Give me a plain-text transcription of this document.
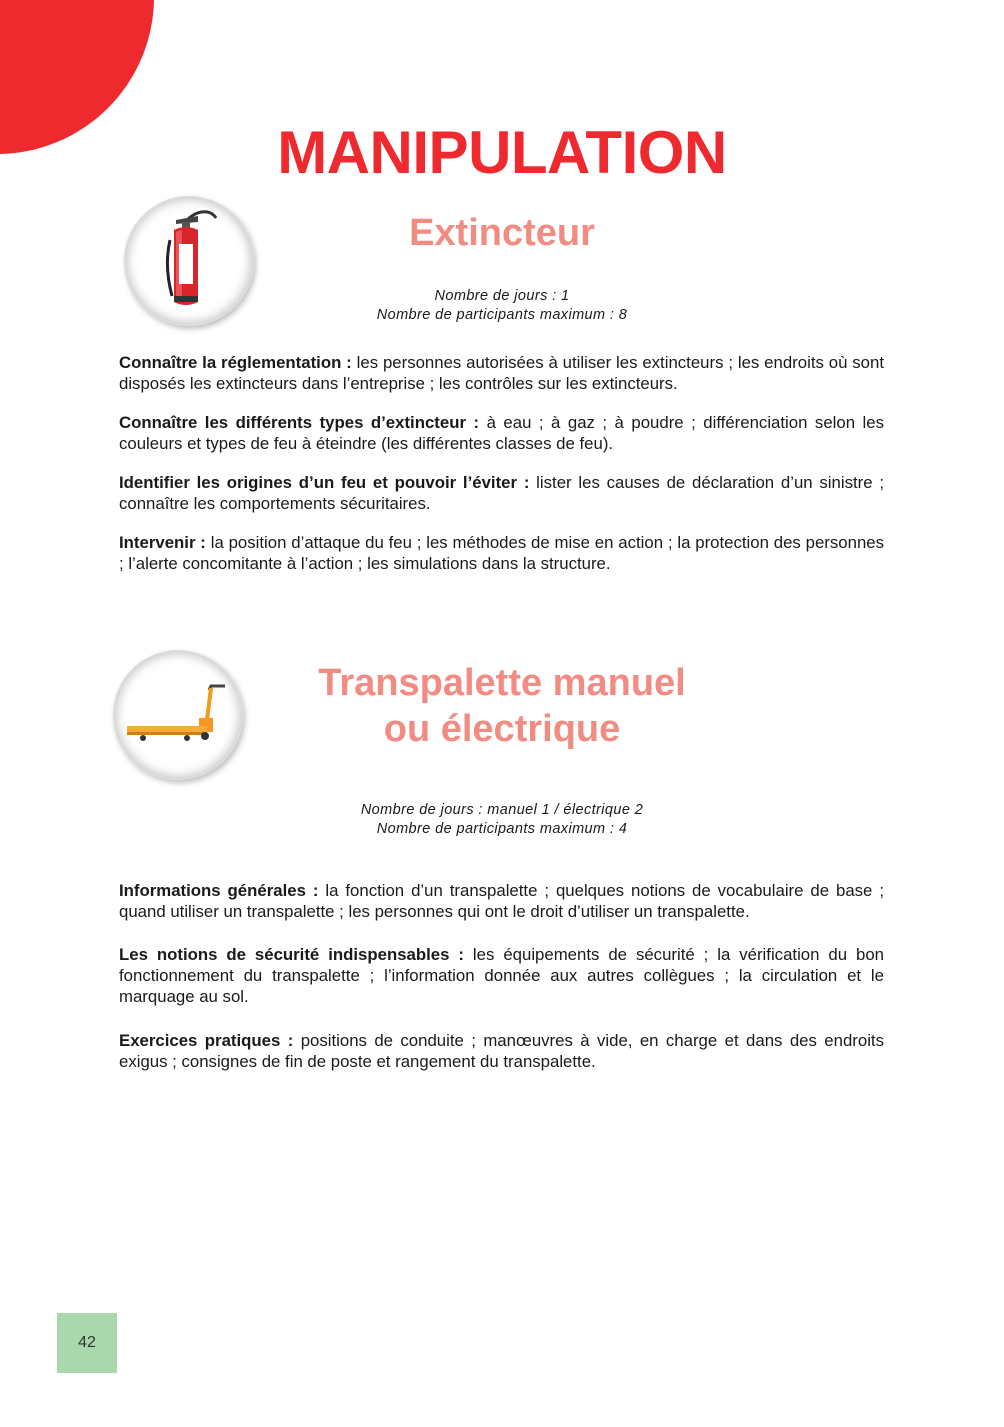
MANIPULATION
Extincteur
Nombre de jours : 1
Nombre de participants maximum : 8

Connaître la réglementation : les personnes autorisées à utiliser les extincteurs ; les endroits où sont disposés les extincteurs dans l’entreprise ; les contrôles sur les extincteurs.

Connaître les différents types d’extincteur : à eau ; à gaz ; à poudre ; différenciation selon les couleurs et types de feu à éteindre (les différentes classes de feu).

Identifier les origines d’un feu et pouvoir l’éviter : lister les causes de déclaration d’un sinistre ; connaître les comportements sécuritaires.

Intervenir : la position d’attaque du feu ; les méthodes de mise en action ; la protection des personnes ; l’alerte concomitante à l’action ; les simulations dans la structure.

Transpalette manuel
ou électrique
Nombre de jours : manuel 1 / électrique 2
Nombre de participants maximum : 4

Informations générales : la fonction d’un transpalette ; quelques notions de vocabulaire de base ; quand utiliser un transpalette ; les personnes qui ont le droit d’utiliser un transpalette.

Les notions de sécurité indispensables : les équipements de sécurité ; la vérification du bon fonctionnement du transpalette ; l’information donnée aux autres collègues ; la circulation et le marquage au sol.

Exercices pratiques : positions de conduite ; manœuvres à vide, en charge et dans des endroits exigus ; consignes de fin de poste et rangement du transpalette.

42
